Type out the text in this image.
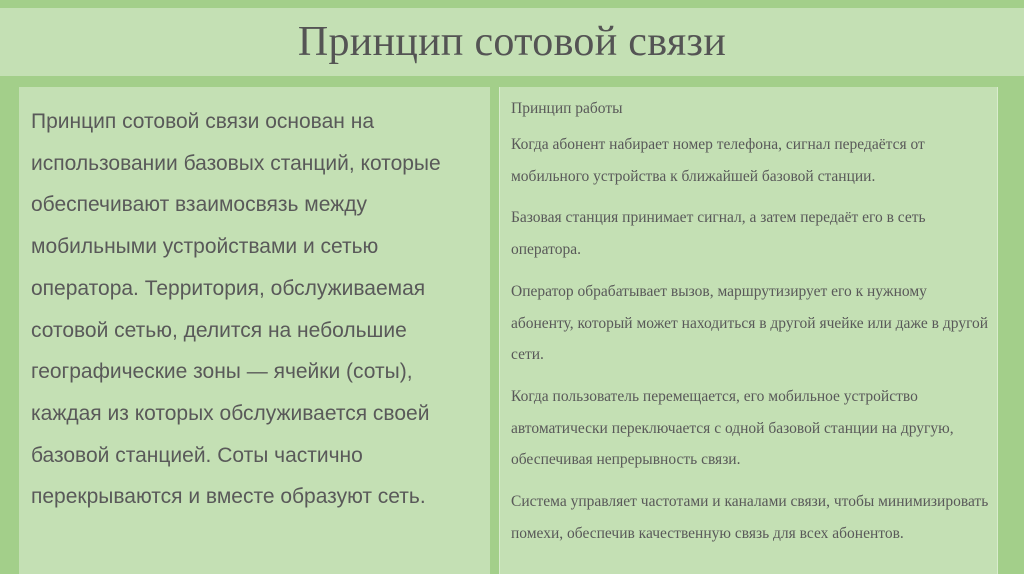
Принцип сотовой связи

Принцип сотовой связи основан на использовании базовых станций, которые обеспечивают взаимосвязь между мобильными устройствами и сетью оператора. Территория, обслуживаемая сотовой сетью, делится на небольшие географические зоны — ячейки (соты), каждая из которых обслуживается своей базовой станцией. Соты частично перекрываются и вместе образуют сеть.

Принцип работы

Когда абонент набирает номер телефона, сигнал передаётся от мобильного устройства к ближайшей базовой станции.

Базовая станция принимает сигнал, а затем передаёт его в сеть оператора.

Оператор обрабатывает вызов, маршрутизирует его к нужному абоненту, который может находиться в другой ячейке или даже в другой сети.

Когда пользователь перемещается, его мобильное устройство автоматически переключается с одной базовой станции на другую, обеспечивая непрерывность связи.

Система управляет частотами и каналами связи, чтобы минимизировать помехи, обеспечив качественную связь для всех абонентов.
